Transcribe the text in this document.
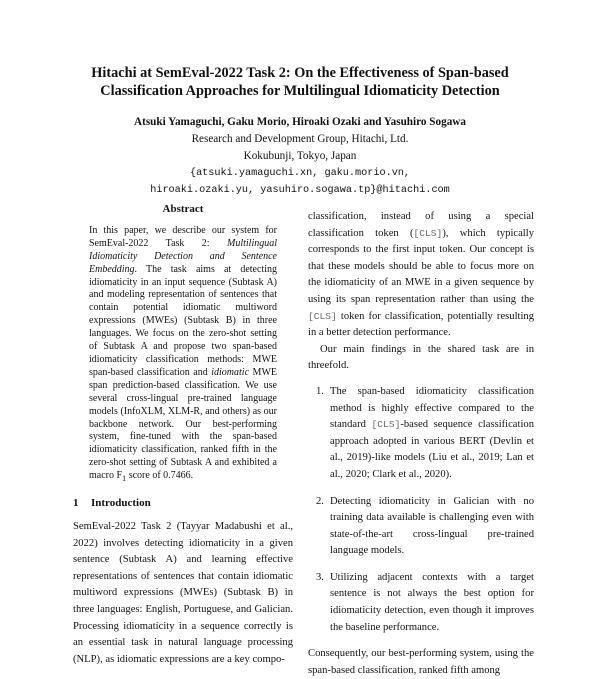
Hitachi at SemEval-2022 Task 2: On the Effectiveness of Span-based
Classification Approaches for Multilingual Idiomaticity Detection
Atsuki Yamaguchi, Gaku Morio, Hiroaki Ozaki and Yasuhiro Sogawa
Research and Development Group, Hitachi, Ltd.
Kokubunji, Tokyo, Japan
{atsuki.yamaguchi.xn, gaku.morio.vn,
hiroaki.ozaki.yu, yasuhiro.sogawa.tp}@hitachi.com
Abstract
In this paper, we describe our system for SemEval-2022 Task 2: Multilingual Idiomaticity Detection and Sentence Embedding. The task aims at detecting idiomaticity in an input sequence (Subtask A) and modeling representation of sentences that contain potential idiomatic multiword expressions (MWEs) (Subtask B) in three languages. We focus on the zero-shot setting of Subtask A and propose two span-based idiomaticity classification methods: MWE span-based classification and idiomatic MWE span prediction-based classification. We use several cross-lingual pre-trained language models (InfoXLM, XLM-R, and others) as our backbone network. Our best-performing system, fine-tuned with the span-based idiomaticity classification, ranked fifth in the zero-shot setting of Subtask A and exhibited a macro $F_1$ score of 0.7466.
1 Introduction
SemEval-2022 Task 2 (Tayyar Madabushi et al., 2022) involves detecting idiomaticity in a given sentence (Subtask A) and learning effective representations of sentences that contain idiomatic multiword expressions (MWEs) (Subtask B) in three languages: English, Portuguese, and Galician. Processing idiomaticity in a sequence correctly is an essential task in natural language processing (NLP), as idiomatic expressions are a key compo-

classification, instead of using a special classification token ([CLS]), which typically corresponds to the first input token. Our concept is that these models should be able to focus more on the idiomaticity of an MWE in a given sequence by using its span representation rather than using the [CLS] token for classification, potentially resulting in a better detection performance.

Our main findings in the shared task are in threefold.

1. The span-based idiomaticity classification method is highly effective compared to the standard [CLS]-based sequence classification approach adopted in various BERT (Devlin et al., 2019)-like models (Liu et al., 2019; Lan et al., 2020; Clark et al., 2020).
2. Detecting idiomaticity in Galician with no training data available is challenging even with state-of-the-art cross-lingual pre-trained language models.
3. Utilizing adjacent contexts with a target sentence is not always the best option for idiomaticity detection, even though it improves the baseline performance.

Consequently, our best-performing system, using the span-based classification, ranked fifth among
